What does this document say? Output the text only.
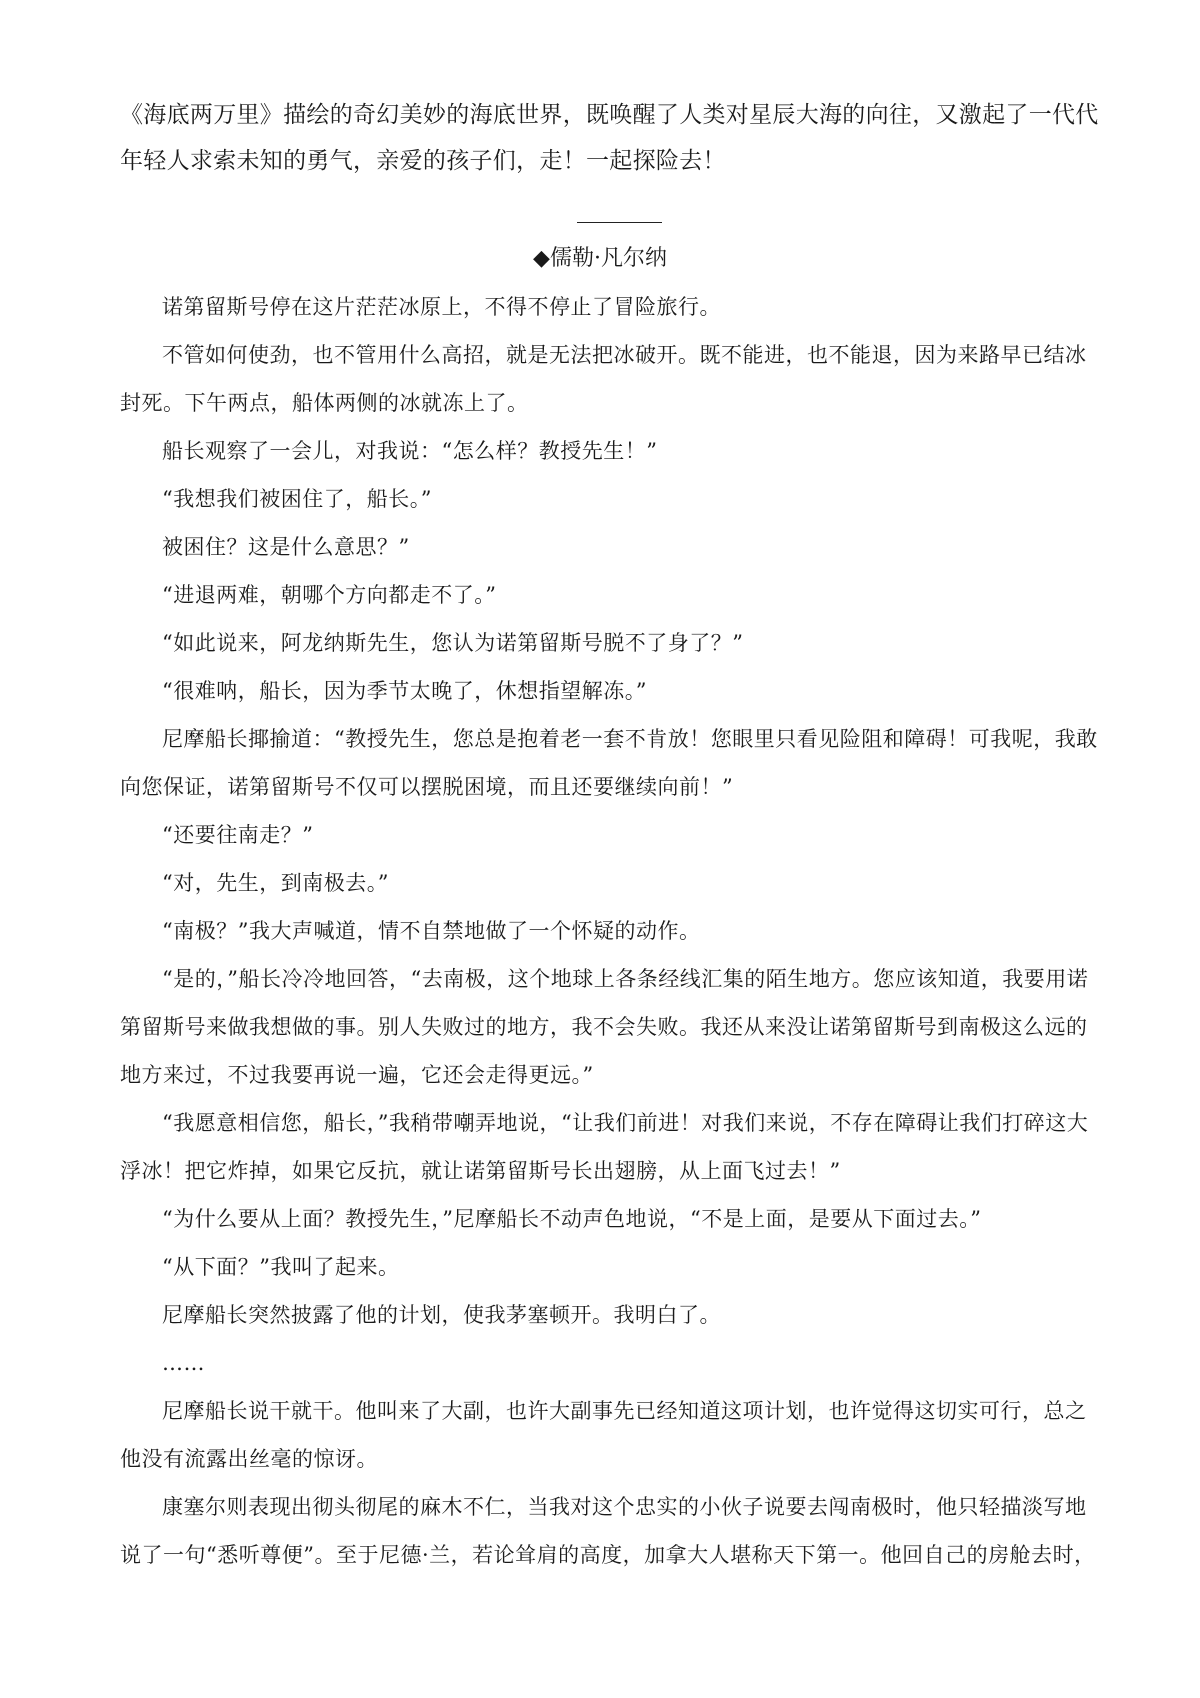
《海底两万里》描绘的奇幻美妙的海底世界，既唤醒了人类对星辰大海的向往，又激起了一代代年轻人求索未知的勇气，亲爱的孩子们，走！一起探险去！

◆儒勒·凡尔纳

诺第留斯号停在这片茫茫冰原上，不得不停止了冒险旅行。

不管如何使劲，也不管用什么高招，就是无法把冰破开。既不能进，也不能退，因为来路早已结冰封死。下午两点，船体两侧的冰就冻上了。

船长观察了一会儿，对我说：“怎么样？教授先生！”

“我想我们被困住了，船长。”

被困住？这是什么意思？”

“进退两难，朝哪个方向都走不了。”

“如此说来，阿龙纳斯先生，您认为诺第留斯号脱不了身了？”

“很难呐，船长，因为季节太晚了，休想指望解冻。”

尼摩船长揶揄道：“教授先生，您总是抱着老一套不肯放！您眼里只看见险阻和障碍！可我呢，我敢向您保证，诺第留斯号不仅可以摆脱困境，而且还要继续向前！”

“还要往南走？”

“对，先生，到南极去。”

“南极？”我大声喊道，情不自禁地做了一个怀疑的动作。

“是的，”船长冷冷地回答，“去南极，这个地球上各条经线汇集的陌生地方。您应该知道，我要用诺第留斯号来做我想做的事。别人失败过的地方，我不会失败。我还从来没让诺第留斯号到南极这么远的地方来过，不过我要再说一遍，它还会走得更远。”

“我愿意相信您，船长，”我稍带嘲弄地说，“让我们前进！对我们来说，不存在障碍让我们打碎这大浮冰！把它炸掉，如果它反抗，就让诺第留斯号长出翅膀，从上面飞过去！”

“为什么要从上面？教授先生，”尼摩船长不动声色地说，“不是上面，是要从下面过去。”

“从下面？”我叫了起来。

尼摩船长突然披露了他的计划，使我茅塞顿开。我明白了。

……

尼摩船长说干就干。他叫来了大副，也许大副事先已经知道这项计划，也许觉得这切实可行，总之他没有流露出丝毫的惊讶。

康塞尔则表现出彻头彻尾的麻木不仁，当我对这个忠实的小伙子说要去闯南极时，他只轻描淡写地说了一句“悉听尊便”。至于尼德·兰，若论耸肩的高度，加拿大人堪称天下第一。他回自己的房舱去时，
